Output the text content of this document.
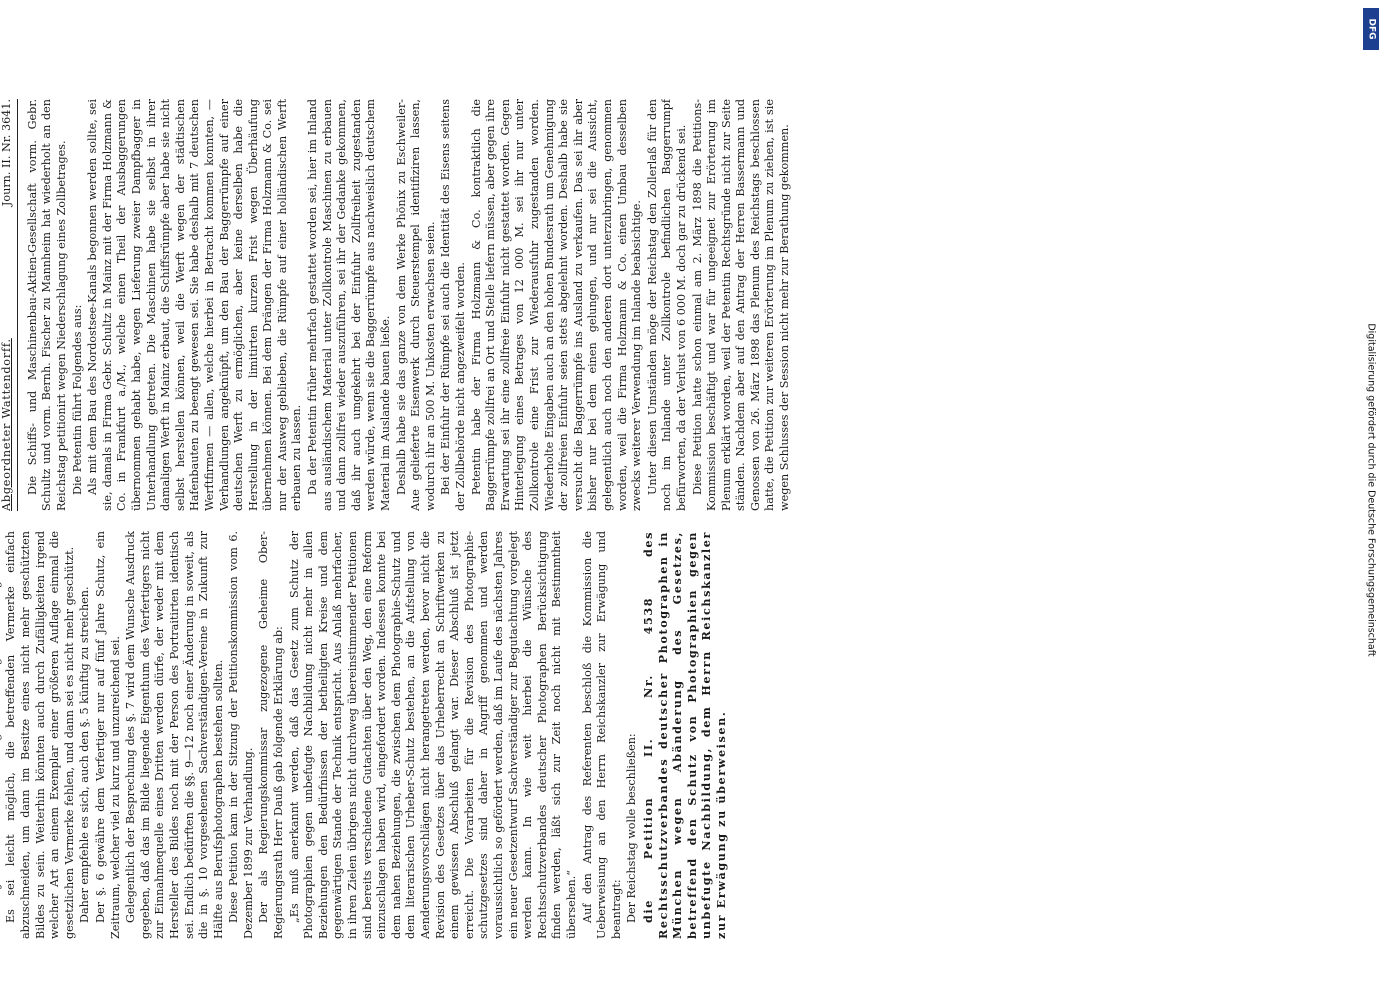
Es sei leicht möglich, die betreffenden Vermerke einfach abzuschneiden, um dann im Besitze eines nicht mehr geschützten Bildes zu sein. Weiterhin könnten auch durch Zufälligkeiten irgend welcher Art an einem Exemplar einer größeren Auflage einmal die gesetzlichen Vermerke fehlen, und dann sei es nicht mehr geschützt. Daher empfehle es sich, auch den §. 5 künftig zu streichen. Der §. 6 gewähre dem Verfertiger nur auf fünf Jahre Schutz, ein Zeitraum, welcher viel zu kurz und unzureichend sei. Gelegentlich der Besprechung des §. 7 wird dem Wunsche Ausdruck gegeben, daß das im Bilde liegende Eigenthum des Verfertigers nicht zur Einnahmequelle eines Dritten werden dürfe, der weder mit dem Hersteller des Bildes noch mit der Person des Portraitirten identisch sei. Endlich bedürften die §§. 9—12 noch einer Änderung in soweit, als die in §. 10 vorgesehenen Sachverständigen-Vereine in Zukunft zur Hälfte aus Berufsphotographen bestehen sollten. Diese Petition kam in der Sitzung der Petitionskommission vom 6. Dezember 1899 zur Verhandlung. Der als Regierungskommissar zugezogene Geheime Ober-Regierungsrath Herr Dauß gab folgende Erklärung ab: „Es muß anerkannt werden, daß das Gesetz zum Schutz der Photographien gegen unbefugte Nachbildung nicht mehr in allen Beziehungen den Bedürfnissen der betheiligten Kreise und dem gegenwärtigen Stande der Technik entspricht. Aus Anlaß mehrfacher, in ihren Zielen übrigens nicht durchweg übereinstimmender Petitionen sind bereits verschiedene Gutachten über den Weg, den eine Reform einzuschlagen haben wird, eingefordert worden. Indessen konnte bei dem nahen Beziehungen, die zwischen dem Photographie-Schutz und dem literarischen Urheber-Schutz bestehen, an die Aufstellung von Aenderungsvorschlägen nicht herangetreten werden, bevor nicht die Revision des Gesetzes über das Urheberrecht an Schriftwerken zu einem gewissen Abschluß gelangt war. Dieser Abschluß ist jetzt erreicht. Die Vorarbeiten für die Revision des Photographie-schutzgesetzes sind daher in Angriff genommen und werden voraussichtlich so gefördert werden, daß im Laufe des nächsten Jahres ein neuer Gesetzentwurf Sachverständiger zur Begutachtung vorgelegt werden kann. In wie weit hierbei die Wünsche des Rechtsschutzverbandes deutscher Photographen Berücksichtigung finden werden, läßt sich zur Zeit noch nicht mit Bestimmtheit übersehen.“ Auf den Antrag des Referenten beschloß die Kommission die Ueberweisung an den Herrn Reichskanzler zur Erwägung und beantragt: Der Reichstag wolle beschließen: die Petition II. Nr. 4538 des Rechtsschutzverbandes deutscher Photographen in München wegen Abänderung des Gesetzes, betreffend den Schutz von Photographien gegen unbefugte Nachbildung, dem Herrn Reichskanzler zur Erwägung zu überweisen.

Abgeordneter Wattendorff.
Journ. II. Nr. 3641. Die Schiffs- und Maschinenbau-Aktien-Gesellschaft vorm. Gebr. Schultz und vorm. Bernh. Fischer zu Mannheim hat wiederholt an den Reichstag petitionirt wegen Niederschlagung eines Zollbetrages. Die Petentin führt Folgendes aus: Als mit dem Bau des Nordostsee-Kanals begonnen werden sollte, sei sie, damals in Firma Gebr. Schultz in Mainz mit der Firma Holzmann & Co. in Frankfurt a./M., welche einen Theil der Ausbaggerungen übernommen gehabt habe, wegen Lieferung zweier Dampfbagger in Unterhandlung getreten. Die Maschinen habe sie selbst in ihrer damaligen Werft in Mainz erbaut, die Schiffsrümpfe aber habe sie nicht selbst herstellen können, weil die Werft wegen der städtischen Hafenbauten zu beengt gewesen sei. Sie habe deshalb mit 7 deutschen Werftfirmen — allen, welche hierbei in Betracht kommen konnten, — Verhandlungen angeknüpft, um den Bau der Baggerrümpfe auf einer deutschen Werft zu ermöglichen, aber keine derselben habe die Herstellung in der limitirten kurzen Frist wegen Überhäufung übernehmen können. Bei dem Drängen der Firma Holzmann & Co. sei nur der Ausweg geblieben, die Rümpfe auf einer holländischen Werft erbauen zu lassen. Da der Petentin früher mehrfach gestattet worden sei, hier im Inland aus ausländischem Material unter Zollkontrole Maschinen zu erbauen und dann zollfrei wieder auszuführen, sei ihr der Gedanke gekommen, daß ihr auch umgekehrt bei der Einfuhr Zollfreiheit zugestanden werden würde, wenn sie die Baggerrümpfe aus nachweislich deutschem Material im Auslande bauen ließe. Deshalb habe sie das ganze von dem Werke Phönix zu Eschweiler-Aue gelieferte Eisenwerk durch Steuerstempel identifiziren lassen, wodurch ihr an 500 M. Unkosten erwachsen seien. Bei der Einfuhr der Rümpfe sei auch die Identität des Eisens seitens der Zollbehörde nicht angezweifelt worden. Petentin habe der Firma Holzmann & Co. kontraktlich die Baggerrümpfe zollfrei an Ort und Stelle liefern müssen, aber gegen ihre Erwartung sei ihr eine zollfreie Einfuhr nicht gestattet worden. Gegen Hinterlegung eines Betrages von 12 000 M. sei ihr nur unter Zollkontrole eine Frist zur Wiederausfuhr zugestanden worden. Wiederholte Eingaben auch an den hohen Bundesrath um Genehmigung der zollfreien Einfuhr seien stets abgelehnt worden. Deshalb habe sie versucht die Baggerrümpfe ins Ausland zu verkaufen. Das sei ihr aber bisher nur bei dem einen gelungen, und nur sei die Aussicht, gelegentlich auch noch den anderen dort unterzubringen, genommen worden, weil die Firma Holzmann & Co. einen Umbau desselben zwecks weiterer Verwendung im Inlande beabsichtige. Unter diesen Umständen möge der Reichstag den Zollerlaß für den noch im Inlande unter Zollkontrole befindlichen Baggerrumpf befürworten, da der Verlust von 6 000 M. doch gar zu drückend sei. Diese Petition hatte schon einmal am 2. März 1898 die Petitions-Kommission beschäftigt und war für ungeeignet zur Erörterung im Plenum erklärt worden, weil der Petentin Rechtsgründe nicht zur Seite ständen. Nachdem aber auf den Antrag der Herren Bassermann und Genossen von 26. März 1898 das Plenum des Reichstags beschlossen hatte, die Petition zur weiteren Erörterung im Plenum zu ziehen, ist sie wegen Schlusses der Session nicht mehr zur Berathung gekommen.

DFG
Digitalisierung gefördert durch die Deutsche Forschungsgemeinschaft
